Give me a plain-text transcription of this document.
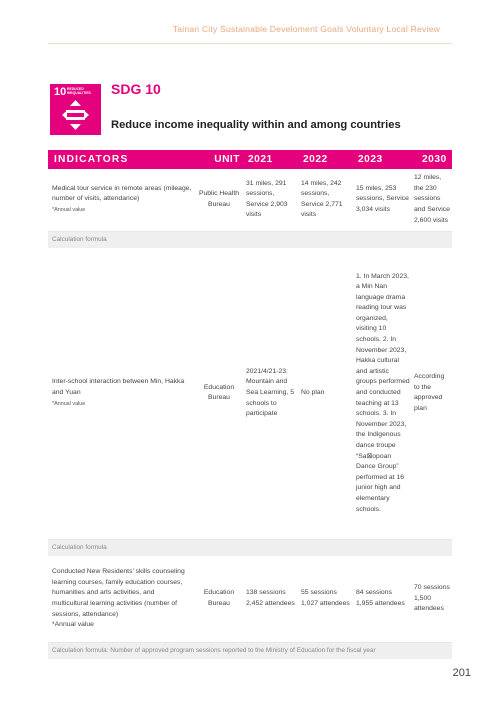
Tainan City Sustainable Develoment Goals Voluntary Local Review
10 REDUCED INEQUALITIES	SDG 10
Reduce income inequality within and among countries
INDICATORS	UNIT	2021	2022	2023	2030

Medical tour service in remote areas (mileage, number of visits, attendance)
*Annual value	Public Health Bureau	31 miles, 291 sessions, Service 2,903 visits	14 miles, 242 sessions, Service 2,771 visits	15 miles, 253 sessions, Service 3,034 visits	12 miles, the 230 sessions and Service 2,600 visits
Calculation formula					

Inter-school interaction between Min, Hakka and Yuan
*Annual value	Education Bureau	2021/4/21-23: Mountain and Sea Learning, 5 schools to participate	No plan	1. In March 2023, a Min Nan language drama reading tour was organized, visiting 10 schools. 2. In November 2023, Hakka cultural and artistic groups performed and conducted teaching at 13 schools. 3. In November 2023, the Indigenous dance troupe “Sa⊠opoan Dance Group” performed at 16 junior high and elementary schools.	According to the approved plan
Calculation formula					

Conducted New Residents’ skills counseling learning courses, family education courses, humanities and arts activities, and multicultural learning activities (number of sessions, attendance)
*Annual value	Education Bureau	138 sessions 2,452 attendees	55 sessions 1,027 attendees	84 sessions 1,955 attendees	70 sessions 1,500 attendees
Calculation formula: Number of approved program sessions reported to the Ministry of Education for the fiscal year					
201
